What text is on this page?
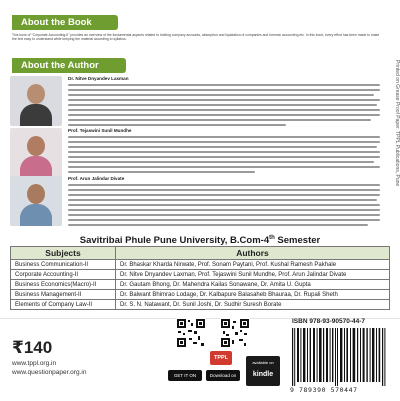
About the Book
This book of "Corporate Accounting-II" provides an overview of the fundamental aspects related to holding company accounts, absorption and liquidation of companies and forensic accounting etc. In this book, every effort has been made to make the text easy to understand while keeping the material according to syllabus.
About the Author
Dr. Nitve Dnyandev Laxman
Prof. Tejaswini Sunil Mundhe
Prof. Arun Jalindar Divate
Savitribai Phule Pune University, B.Com-4th Semester
Subjects	Authors
Business Communication-II	Dr. Bhaskar Kharda Nirwate, Prof. Sonam Paytani, Prof. Kushal Ramesh Pakhale
Corporate Accounting-II	Dr. Nitve Dnyandev Laxman, Prof. Tejaswini Sunil Mundhe, Prof. Arun Jalindar Divate
Business Economics(Macro)-II	Dr. Gautam Bhong, Dr. Mahendra Kailas Sonawane, Dr. Amita U. Gupta
Business Management-II	Dr. Balwant Bhimrao Lodage, Dr. Kalbapure Balasaheb Bhauraa, Dr. Rupali Sheth
Elements of Company Law-II	Dr. S. N. Natawant, Dr. Sunil Joshi, Dr. Sudhir Suresh Borate
₹140
www.tppl.org.in
www.questionpaper.org.in
TPPL
GET IT ON Google Play
Download on App Store
available on
kindle
ISBN 978-93-90570-44-7
9 789390 570447
Printed on Grease Proof Paper. TPPL Publications, Pune
